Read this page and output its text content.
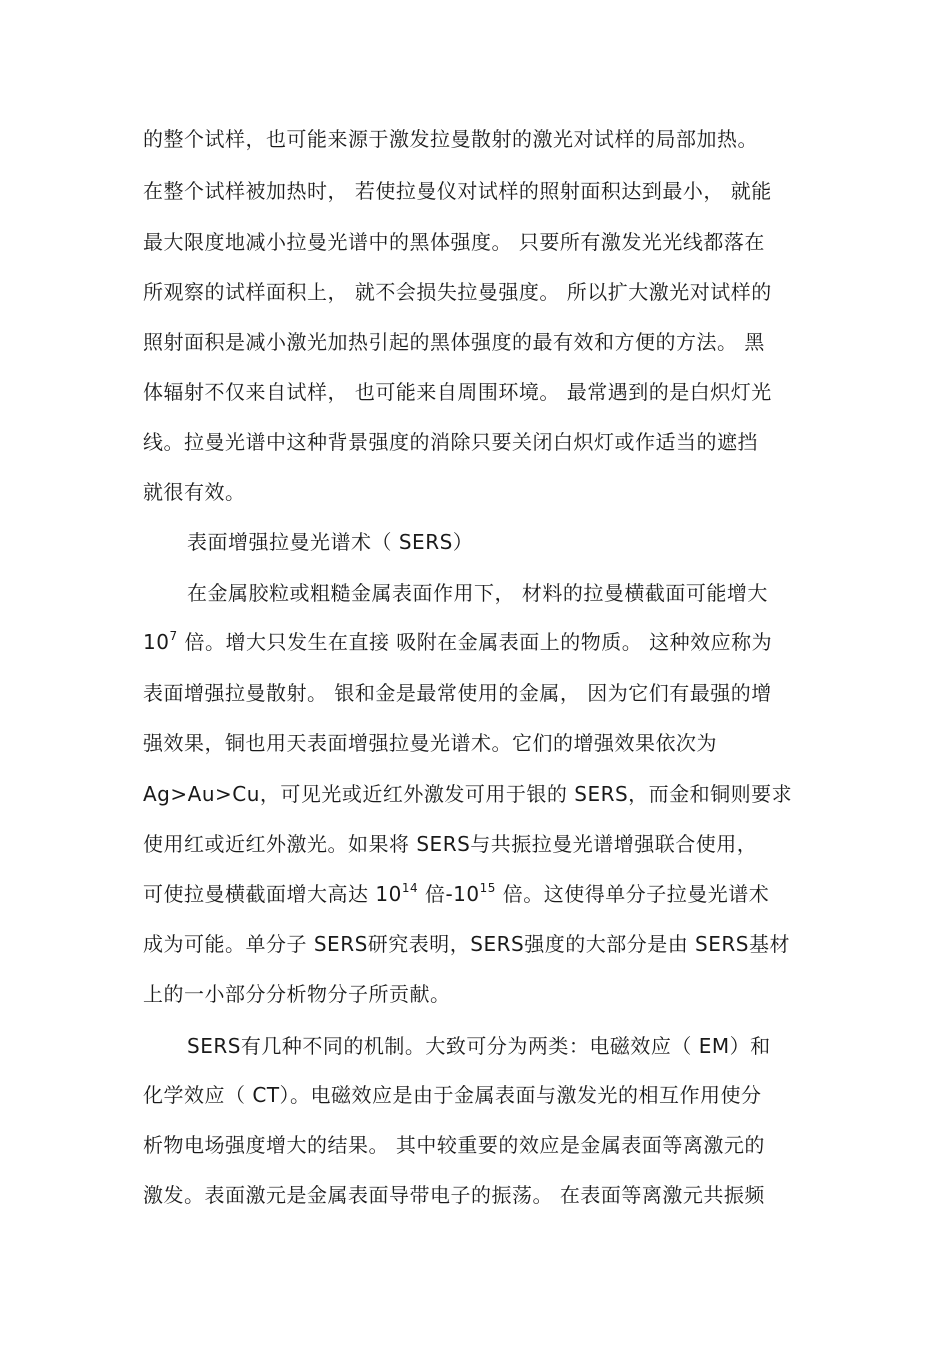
的整个试样，也可能来源于激发拉曼散射的激光对试样的局部加热。
在整个试样被加热时， 若使拉曼仪对试样的照射面积达到最小， 就能
最大限度地减小拉曼光谱中的黑体强度。 只要所有激发光光线都落在
所观察的试样面积上， 就不会损失拉曼强度。 所以扩大激光对试样的
照射面积是减小激光加热引起的黑体强度的最有效和方便的方法。 黑
体辐射不仅来自试样， 也可能来自周围环境。 最常遇到的是白炽灯光
线。拉曼光谱中这种背景强度的消除只要关闭白炽灯或作适当的遮挡
就很有效。
表面增强拉曼光谱术（ SERS）
在金属胶粒或粗糙金属表面作用下， 材料的拉曼横截面可能增大
$10^7$ 倍。增大只发生在直接 吸附在金属表面上的物质。 这种效应称为
表面增强拉曼散射。 银和金是最常使用的金属， 因为它们有最强的增
强效果，铜也用天表面增强拉曼光谱术。它们的增强效果依次为
Ag>Au>Cu，可见光或近红外激发可用于银的 SERS，而金和铜则要求
使用红或近红外激光。如果将 SERS与共振拉曼光谱增强联合使用，
可使拉曼横截面增大高达 $10^{14}$ 倍$-10^{15}$ 倍。这使得单分子拉曼光谱术
成为可能。单分子 SERS研究表明，SERS强度的大部分是由 SERS基材
上的一小部分分析物分子所贡献。
SERS有几种不同的机制。大致可分为两类：电磁效应（ EM）和
化学效应（ CT）。电磁效应是由于金属表面与激发光的相互作用使分
析物电场强度增大的结果。 其中较重要的效应是金属表面等离激元的
激发。表面激元是金属表面导带电子的振荡。 在表面等离激元共振频
